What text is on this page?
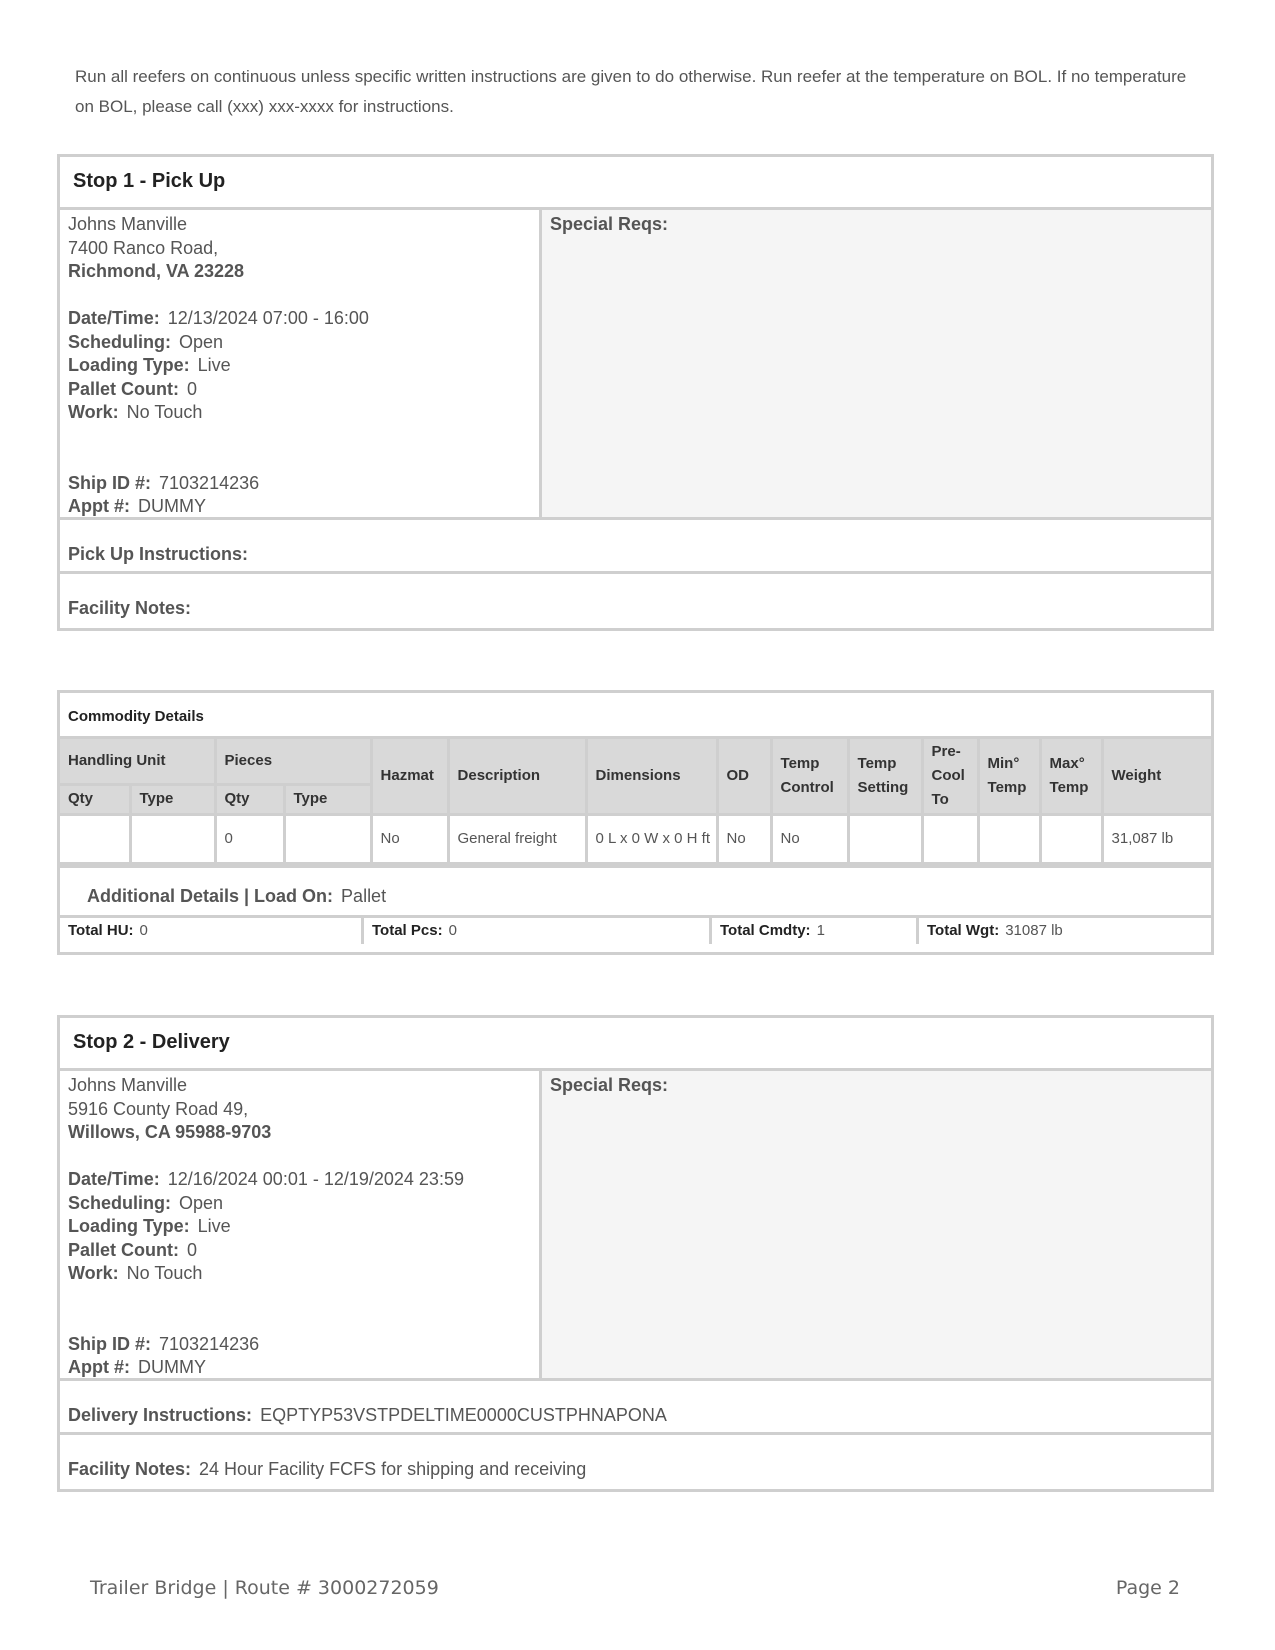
Run all reefers on continuous unless specific written instructions are given to do otherwise. Run reefer at the temperature on BOL. If no temperature on BOL, please call (xxx) xxx-xxxx for instructions.
Stop 1 - Pick Up
Johns Manville
7400 Ranco Road,
Richmond, VA 23228
Date/Time: 12/13/2024 07:00 - 16:00
Scheduling: Open
Loading Type: Live
Pallet Count: 0
Work: No Touch
Ship ID #: 7103214236
Appt #: DUMMY
Special Reqs:
Pick Up Instructions:
Facility Notes:
Commodity Details
Handling Unit		Pieces		Hazmat	Description	Dimensions	OD	Temp Control	Temp Setting	Pre-Cool To	Min° Temp	Max° Temp	Weight
Qty	Type	Qty	Type										
		0		No	General freight	0 L x 0 W x 0 H ft	No	No					31,087 lb
Additional Details | Load On: Pallet
Total HU: 0	Total Pcs: 0	Total Cmdty: 1	Total Wgt: 31087 lb
Stop 2 - Delivery
Johns Manville
5916 County Road 49,
Willows, CA 95988-9703
Date/Time: 12/16/2024 00:01 - 12/19/2024 23:59
Scheduling: Open
Loading Type: Live
Pallet Count: 0
Work: No Touch
Ship ID #: 7103214236
Appt #: DUMMY
Special Reqs:
Delivery Instructions: EQPTYP53VSTPDELTIME0000CUSTPHNAPONA
Facility Notes: 24 Hour Facility FCFS for shipping and receiving
Trailer Bridge | Route # 3000272059	Page 2
